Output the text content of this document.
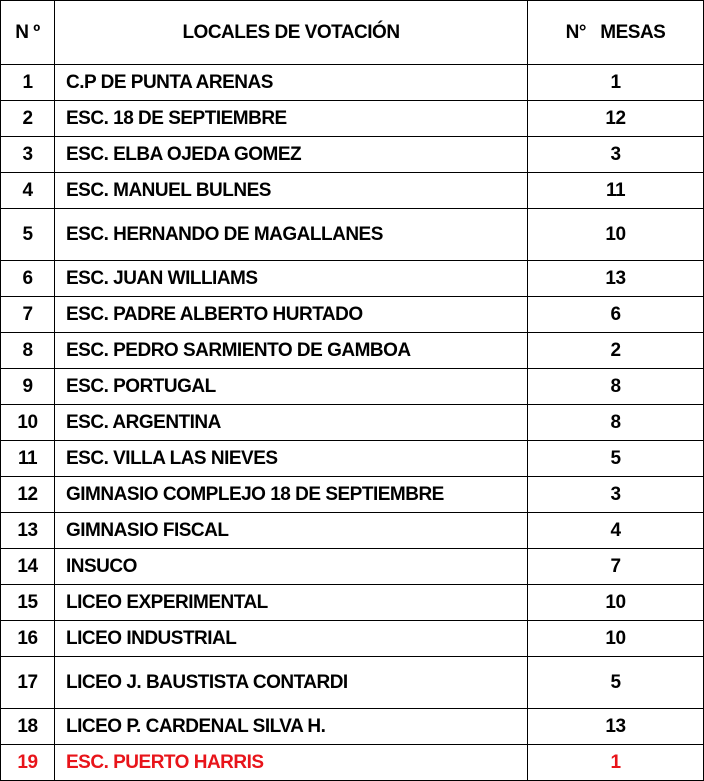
N º	LOCALES DE VOTACIÓN	N°   MESAS
1	C.P DE PUNTA ARENAS	1
2	ESC. 18 DE SEPTIEMBRE	12
3	ESC. ELBA OJEDA GOMEZ	3
4	ESC. MANUEL BULNES	11
5	ESC. HERNANDO DE MAGALLANES	10
6	ESC. JUAN WILLIAMS	13
7	ESC. PADRE ALBERTO HURTADO	6
8	ESC. PEDRO SARMIENTO DE GAMBOA	2
9	ESC. PORTUGAL	8
10	ESC. ARGENTINA	8
11	ESC. VILLA LAS NIEVES	5
12	GIMNASIO COMPLEJO 18 DE SEPTIEMBRE	3
13	GIMNASIO FISCAL	4
14	INSUCO	7
15	LICEO EXPERIMENTAL	10
16	LICEO INDUSTRIAL	10
17	LICEO J. BAUSTISTA CONTARDI	5
18	LICEO P. CARDENAL SILVA H.	13
19	ESC. PUERTO HARRIS	1
